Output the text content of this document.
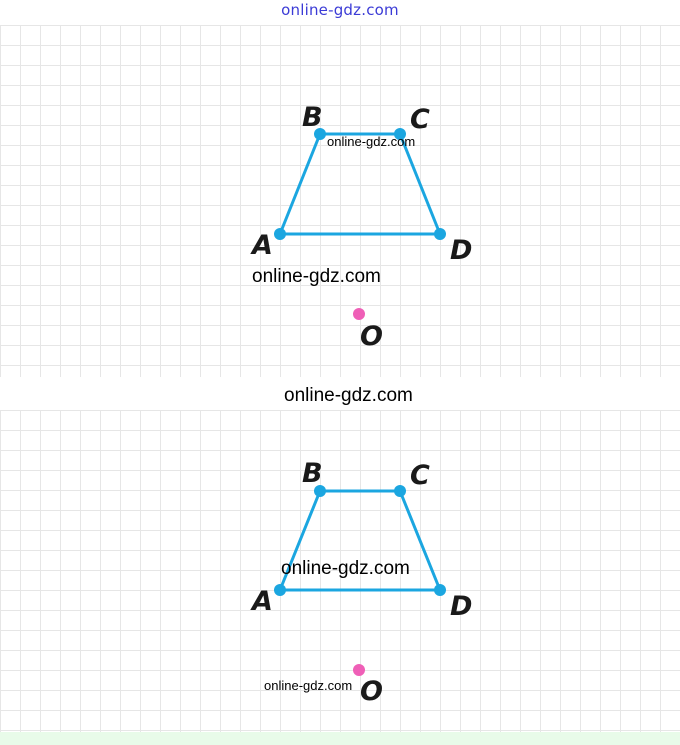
online-gdz.com
A
B	C
D
O
online-gdz.com
online-gdz.com
online-gdz.com
A
B	C
D
O
online-gdz.com
online-gdz.com
